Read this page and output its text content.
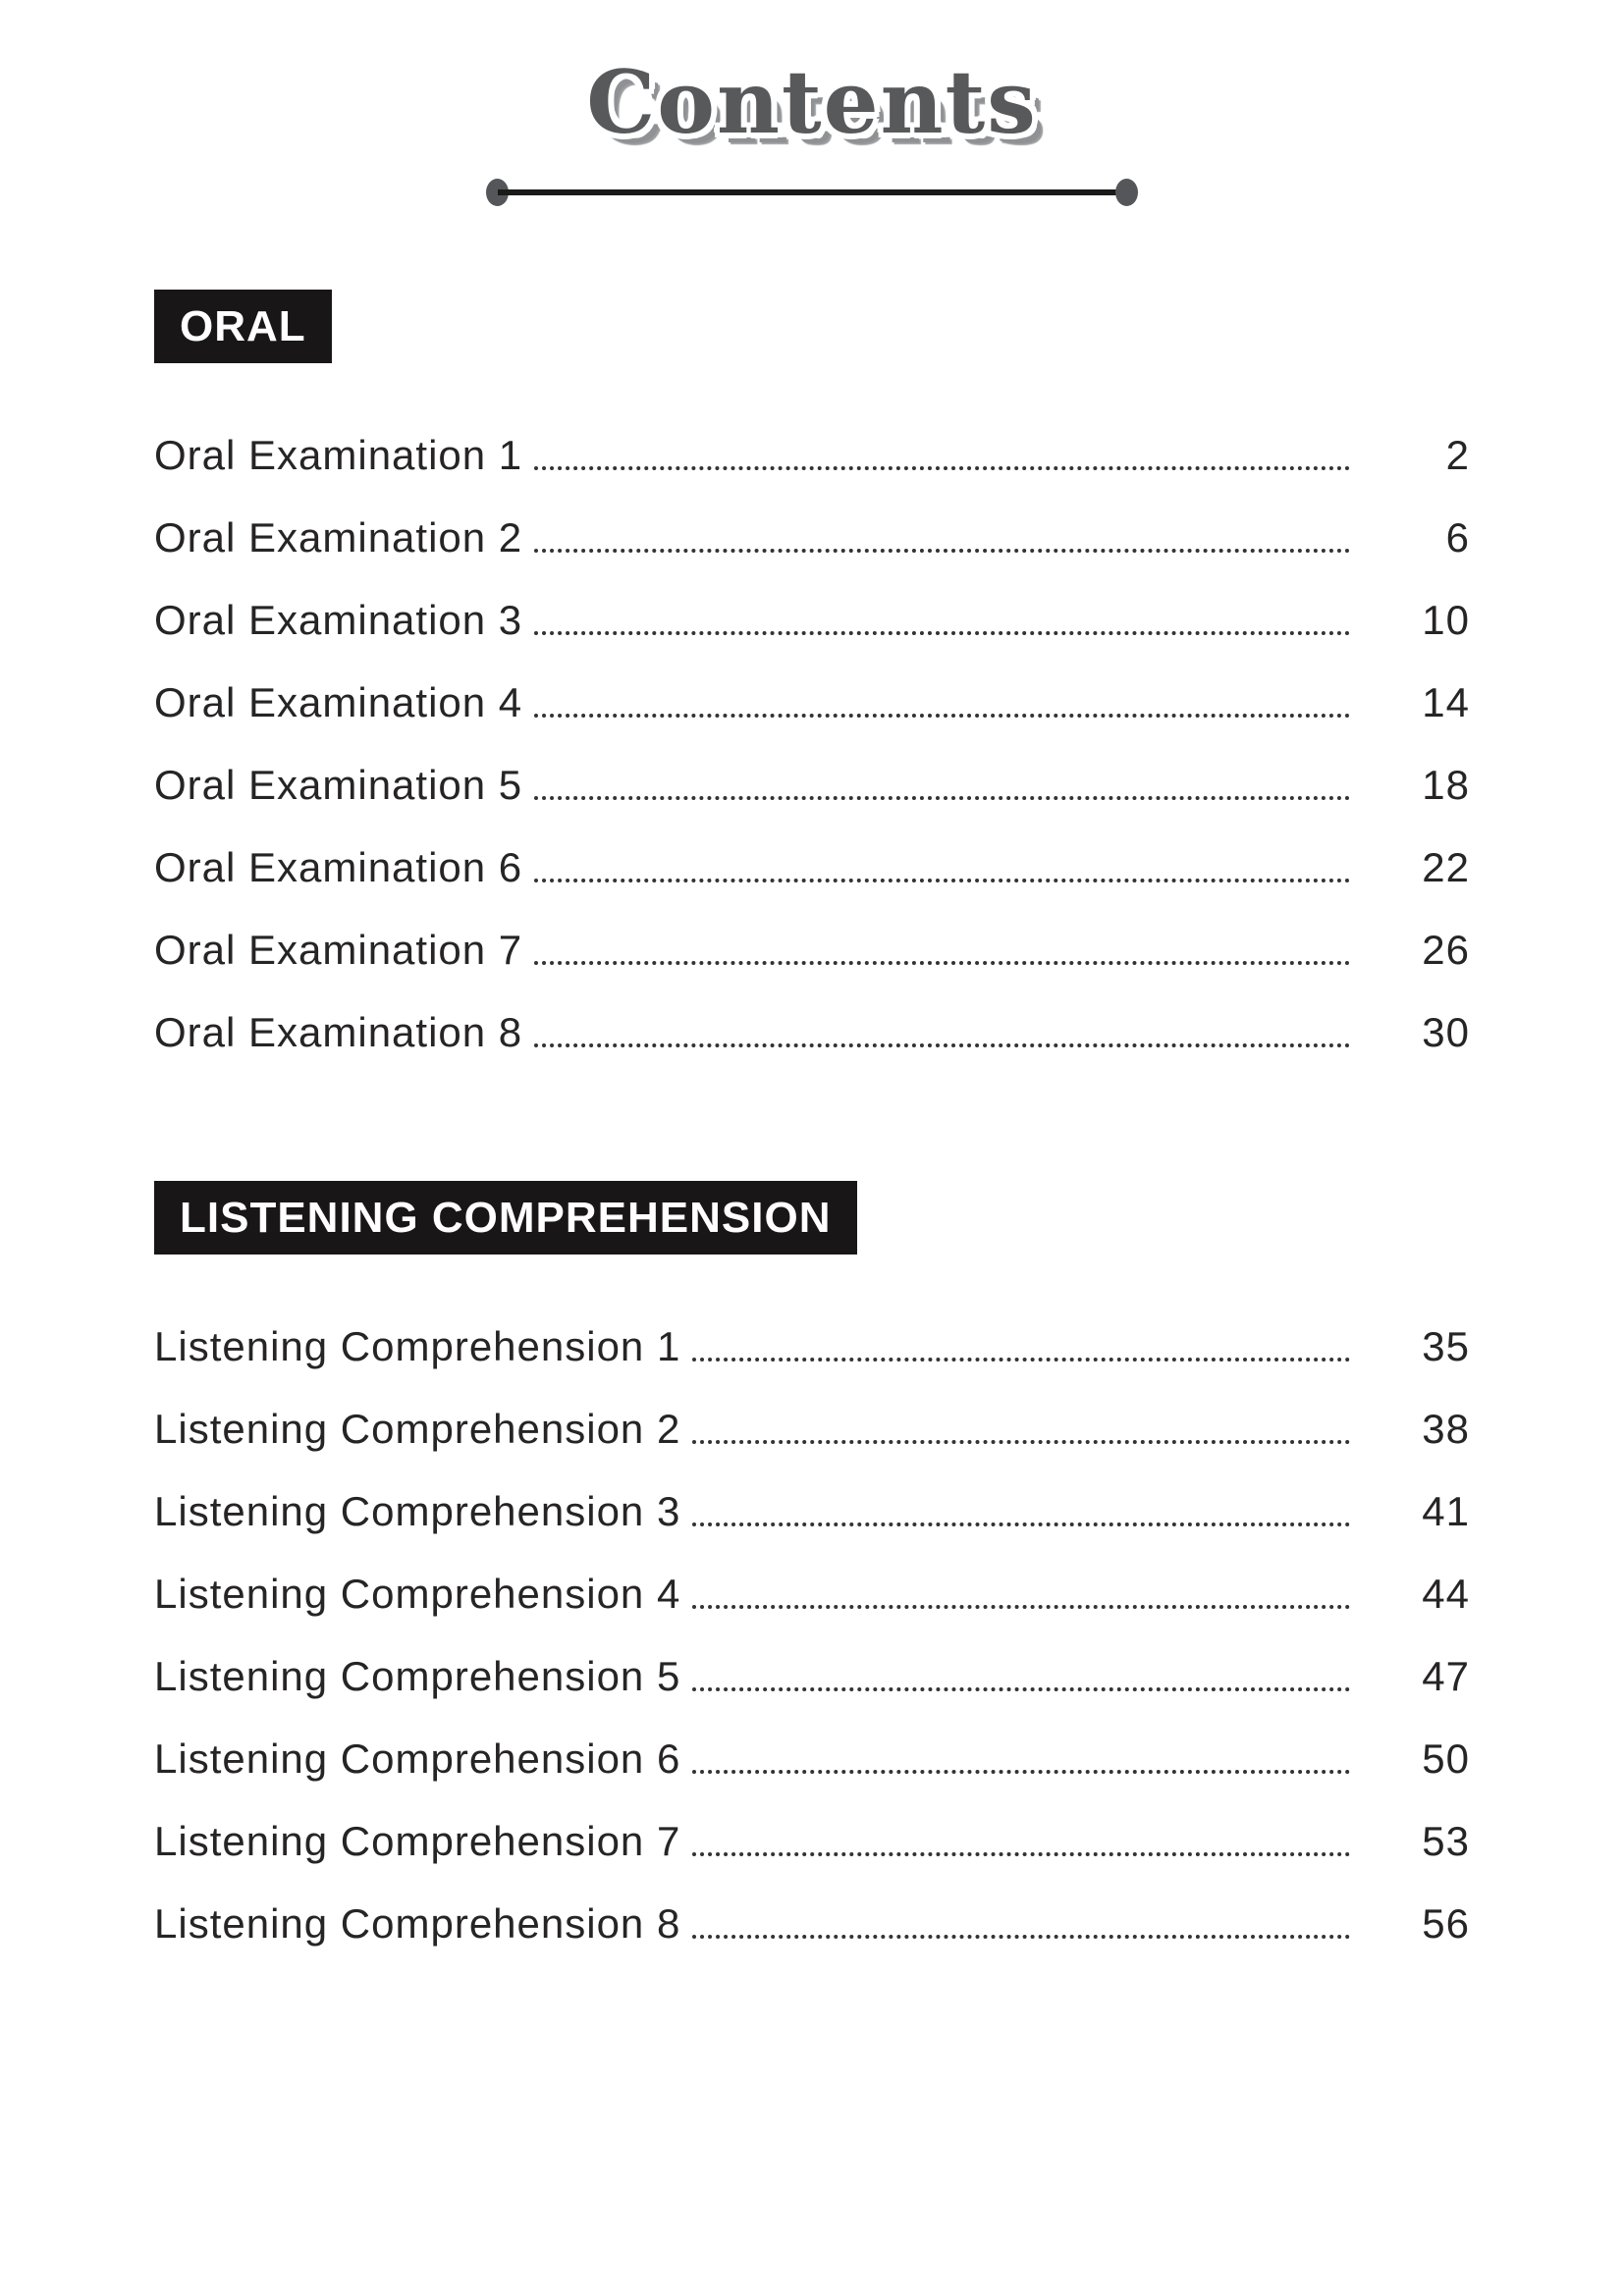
Contents
ORAL
Oral Examination 1	2
Oral Examination 2	6
Oral Examination 3	10
Oral Examination 4	14
Oral Examination 5	18
Oral Examination 6	22
Oral Examination 7	26
Oral Examination 8	30
LISTENING COMPREHENSION
Listening Comprehension 1	35
Listening Comprehension 2	38
Listening Comprehension 3	41
Listening Comprehension 4	44
Listening Comprehension 5	47
Listening Comprehension 6	50
Listening Comprehension 7	53
Listening Comprehension 8	56
